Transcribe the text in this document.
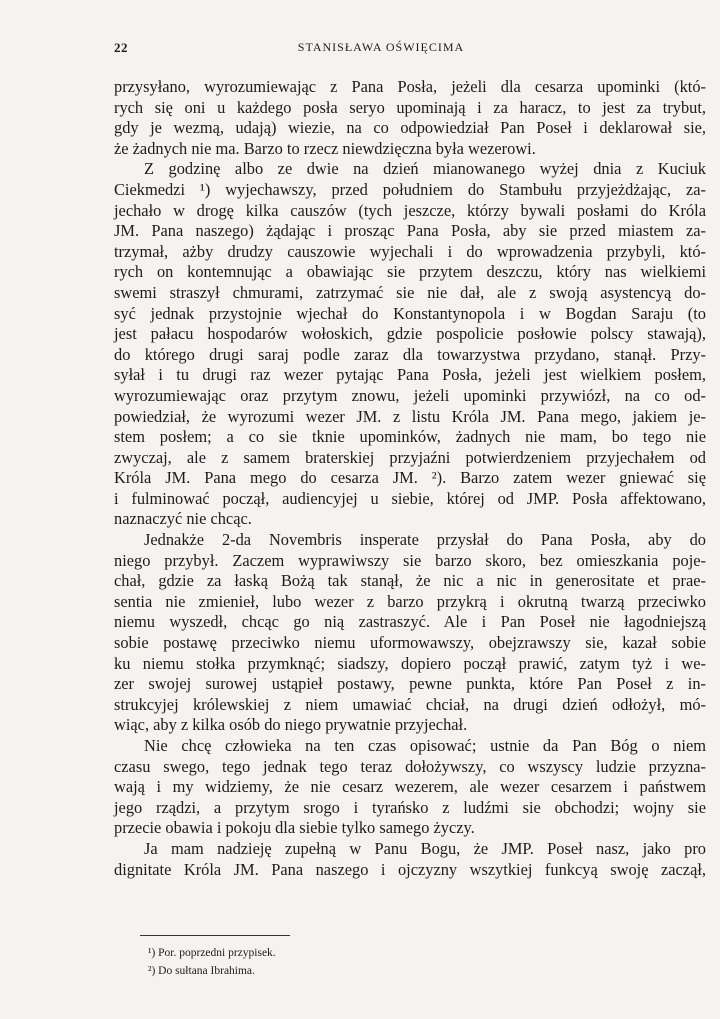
22	STANISŁAWA OŚWIĘCIMA
przysyłano, wyrozumiewając z Pana Posła, jeżeli dla cesarza upominki (któ-
rych się oni u każdego posła seryo upominają i za haracz, to jest za trybut,
gdy je wezmą, udają) wiezie, na co odpowiedział Pan Poseł i deklarował sie,
że żadnych nie ma. Barzo to rzecz niewdzięczna była wezerowi.
Z godzinę albo ze dwie na dzień mianowanego wyżej dnia z Kuciuk
Ciekmedzi ¹) wyjechawszy, przed południem do Stambułu przyjeżdżając, za-
jechało w drogę kilka causzów (tych jeszcze, którzy bywali posłami do Króla
JM. Pana naszego) żądając i prosząc Pana Posła, aby sie przed miastem za-
trzymał, ażby drudzy causzowie wyjechali i do wprowadzenia przybyli, któ-
rych on kontemnując a obawiając sie przytem deszczu, który nas wielkiemi
swemi straszył chmurami, zatrzymać sie nie dał, ale z swoją asystencyą do-
syć jednak przystojnie wjechał do Konstantynopola i w Bogdan Saraju (to
jest pałacu hospodarów wołoskich, gdzie pospolicie posłowie polscy stawają),
do którego drugi saraj podle zaraz dla towarzystwa przydano, stanął. Przy-
syłał i tu drugi raz wezer pytając Pana Posła, jeżeli jest wielkiem posłem,
wyrozumiewając oraz przytym znowu, jeżeli upominki przywiózł, na co od-
powiedział, że wyrozumi wezer JM. z listu Króla JM. Pana mego, jakiem je-
stem posłem; a co sie tknie upominków, żadnych nie mam, bo tego nie
zwyczaj, ale z samem braterskiej przyjaźni potwierdzeniem przyjechałem od
Króla JM. Pana mego do cesarza JM. ²). Barzo zatem wezer gniewać się
i fulminować począł, audiencyjej u siebie, której od JMP. Posła affektowano,
naznaczyć nie chcąc.
Jednakże 2-da Novembris insperate przysłał do Pana Posła, aby do
niego przybył. Zaczem wyprawiwszy sie barzo skoro, bez omieszkania poje-
chał, gdzie za łaską Bożą tak stanął, że nic a nic in generositate et prae-
sentia nie zmienieł, lubo wezer z barzo przykrą i okrutną twarzą przeciwko
niemu wyszedł, chcąc go nią zastraszyć. Ale i Pan Poseł nie łagodniejszą
sobie postawę przeciwko niemu uformowawszy, obejzrawszy sie, kazał sobie
ku niemu stołka przymknąć; siadszy, dopiero począł prawić, zatym tyż i we-
zer swojej surowej ustąpieł postawy, pewne punkta, które Pan Poseł z in-
strukcyjej królewskiej z niem umawiać chciał, na drugi dzień odłożył, mó-
wiąc, aby z kilka osób do niego prywatnie przyjechał.
Nie chcę człowieka na ten czas opisować; ustnie da Pan Bóg o niem
czasu swego, tego jednak tego teraz dołożywszy, co wszyscy ludzie przyzna-
wają i my widziemy, że nie cesarz wezerem, ale wezer cesarzem i państwem
jego rządzi, a przytym srogo i tyrańsko z ludźmi sie obchodzi; wojny sie
przecie obawia i pokoju dla siebie tylko samego życzy.
Ja mam nadzieję zupełną w Panu Bogu, że JMP. Poseł nasz, jako pro
dignitate Króla JM. Pana naszego i ojczyzny wszytkiej funkcyą swoję zaczął,
¹) Por. poprzedni przypisek.
²) Do sułtana Ibrahima.
